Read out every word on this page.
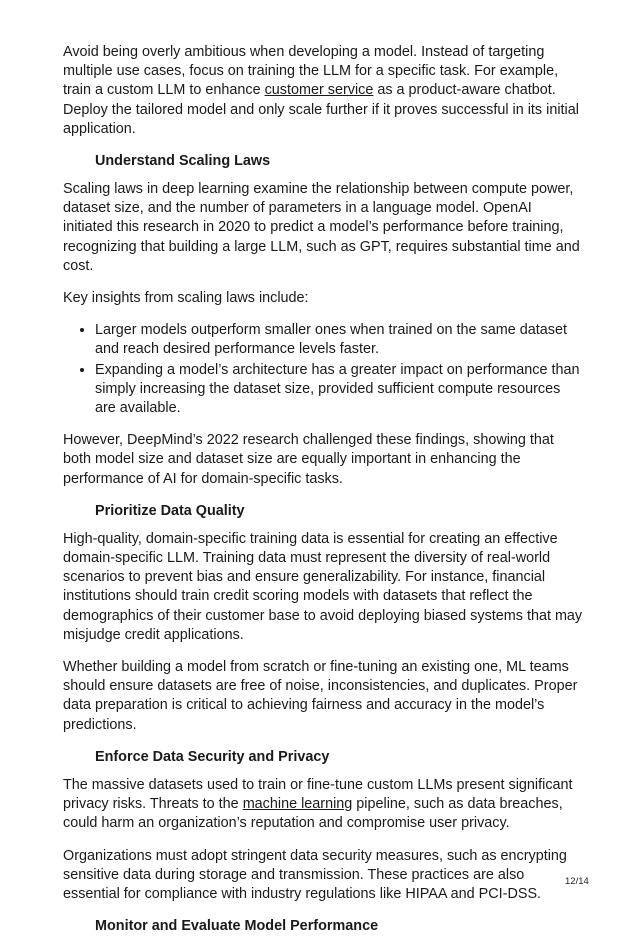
Avoid being overly ambitious when developing a model. Instead of targeting multiple use cases, focus on training the LLM for a specific task. For example, train a custom LLM to enhance customer service as a product-aware chatbot. Deploy the tailored model and only scale further if it proves successful in its initial application.

Understand Scaling Laws

Scaling laws in deep learning examine the relationship between compute power, dataset size, and the number of parameters in a language model. OpenAI initiated this research in 2020 to predict a model’s performance before training, recognizing that building a large LLM, such as GPT, requires substantial time and cost.

Key insights from scaling laws include:

• Larger models outperform smaller ones when trained on the same dataset and reach desired performance levels faster.
• Expanding a model’s architecture has a greater impact on performance than simply increasing the dataset size, provided sufficient compute resources are available.

However, DeepMind’s 2022 research challenged these findings, showing that both model size and dataset size are equally important in enhancing the performance of AI for domain-specific tasks.

Prioritize Data Quality

High-quality, domain-specific training data is essential for creating an effective domain-specific LLM. Training data must represent the diversity of real-world scenarios to prevent bias and ensure generalizability. For instance, financial institutions should train credit scoring models with datasets that reflect the demographics of their customer base to avoid deploying biased systems that may misjudge credit applications.

Whether building a model from scratch or fine-tuning an existing one, ML teams should ensure datasets are free of noise, inconsistencies, and duplicates. Proper data preparation is critical to achieving fairness and accuracy in the model’s predictions.

Enforce Data Security and Privacy

The massive datasets used to train or fine-tune custom LLMs present significant privacy risks. Threats to the machine learning pipeline, such as data breaches, could harm an organization’s reputation and compromise user privacy.

Organizations must adopt stringent data security measures, such as encrypting sensitive data during storage and transmission. These practices are also essential for compliance with industry regulations like HIPAA and PCI-DSS.

Monitor and Evaluate Model Performance
12/14
